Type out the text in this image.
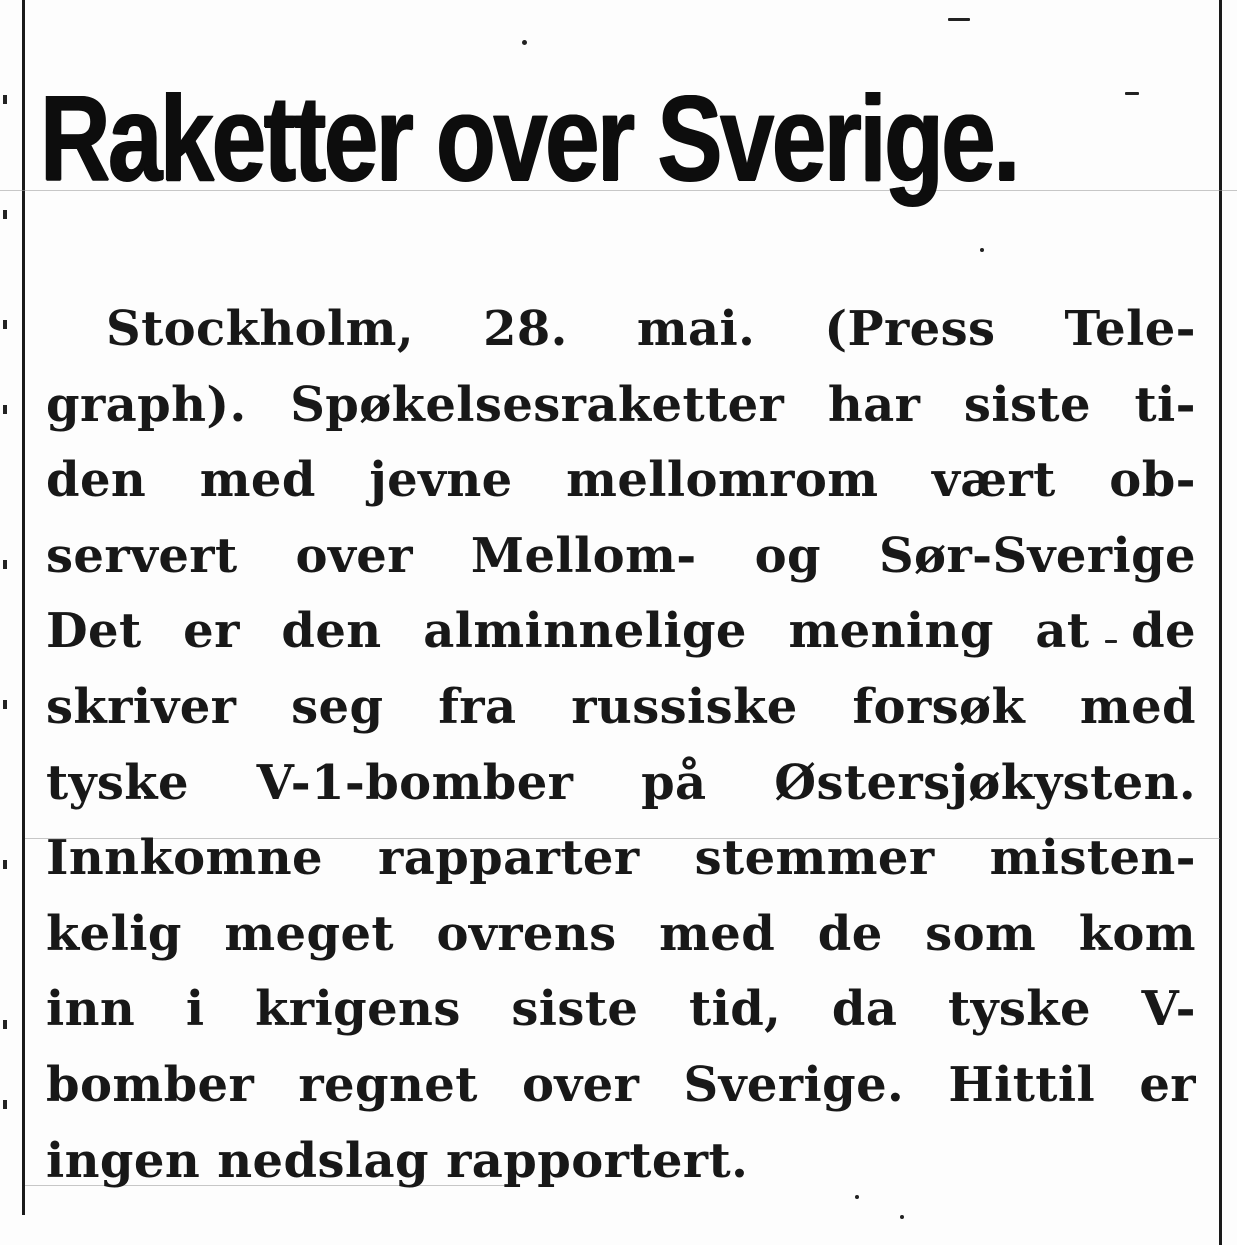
Raketter over Sverige.
Stockholm, 28. mai. (Press Tele-
graph). Spøkelsesraketter har siste ti-
den med jevne mellomrom vært ob-
servert over Mellom- og Sør-Sverige
Det er den alminnelige mening at de
skriver seg fra russiske forsøk med
tyske V-1-bomber på Østersjøkysten.
Innkomne rapparter stemmer misten-
kelig meget ovrens med de som kom
inn i krigens siste tid, da tyske V-
bomber regnet over Sverige. Hittil er
ingen nedslag rapportert.
